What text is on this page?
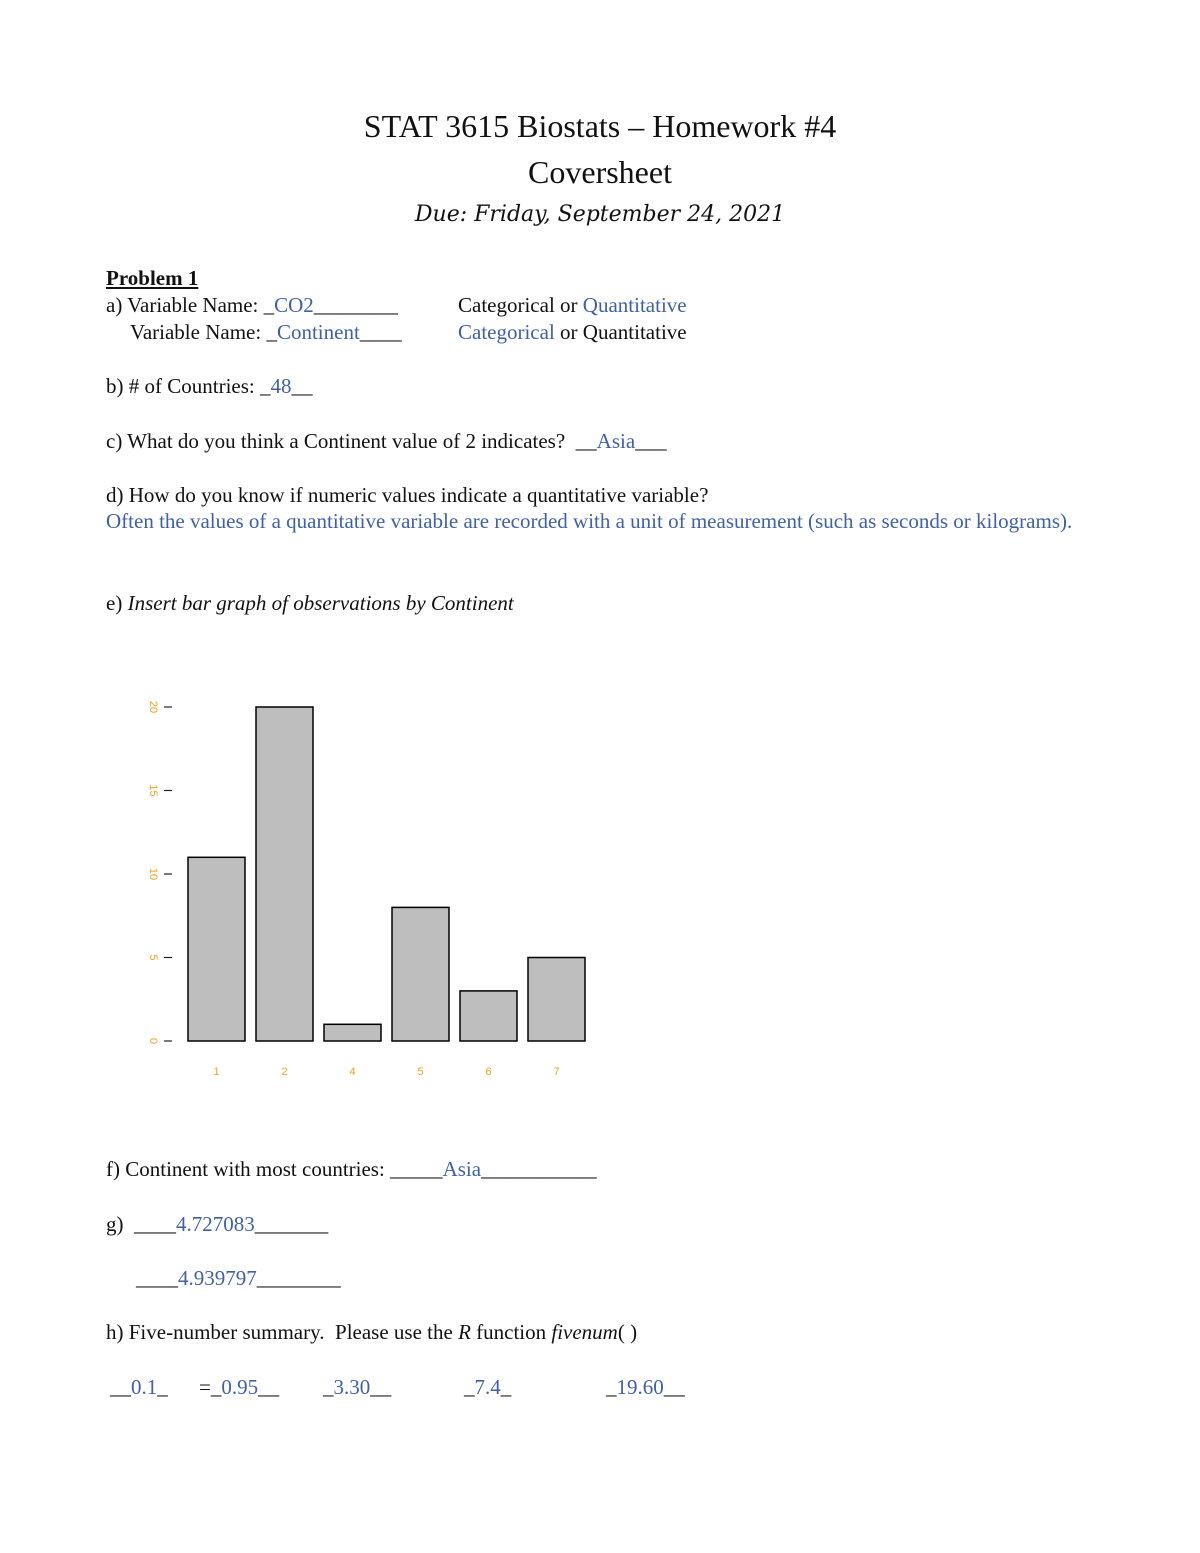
STAT 3615 Biostats – Homework #4
Coversheet
Due: Friday, September 24, 2021
Problem 1
a) Variable Name: _CO2________	Categorical or Quantitative
Variable Name: _Continent____	Categorical or Quantitative
b) # of Countries: _48__
c) What do you think a Continent value of 2 indicates?  __Asia___
d) How do you know if numeric values indicate a quantitative variable?
Often the values of a quantitative variable are recorded with a unit of measurement (such as seconds or kilograms).
e) Insert bar graph of observations by Continent
0
5
10
15
20
1	2	4	5	6	7
f) Continent with most countries: _____Asia___________
g)  ____4.727083_______
____4.939797________
h) Five-number summary.  Please use the R function fivenum( )
__0.1_ =_0.95__ _3.30__	_7.4_	_19.60__
